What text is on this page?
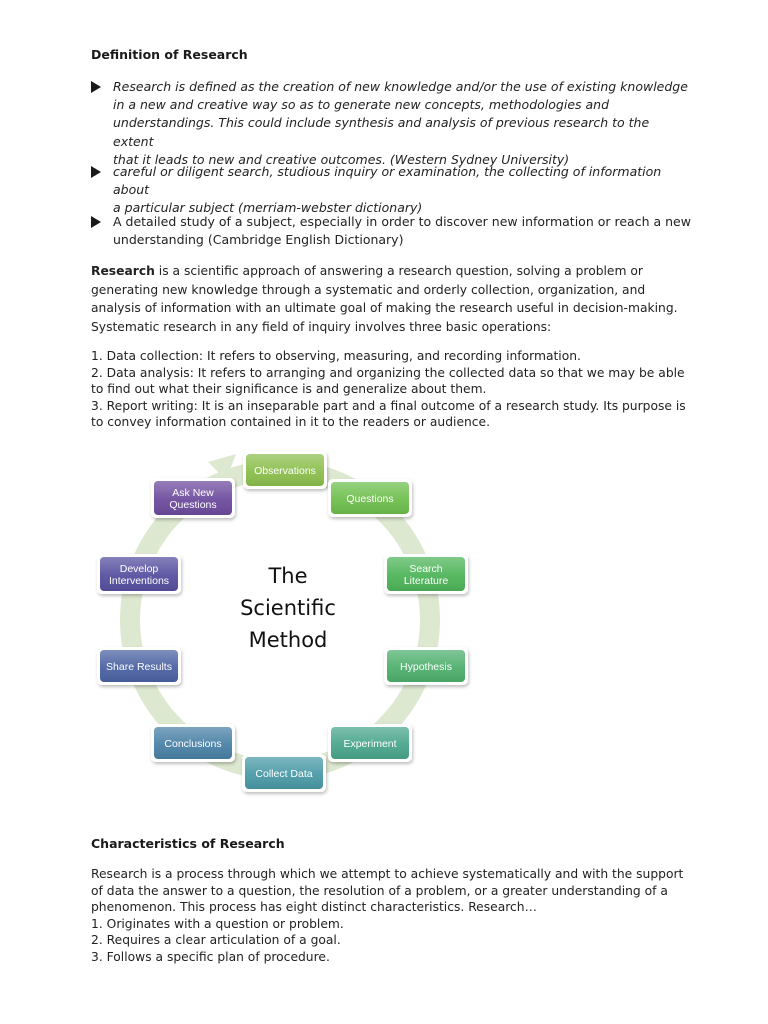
Definition of Research
Research is defined as the creation of new knowledge and/or the use of existing knowledge
in a new and creative way so as to generate new concepts, methodologies and
understandings. This could include synthesis and analysis of previous research to the extent
that it leads to new and creative outcomes. (Western Sydney University)
careful or diligent search, studious inquiry or examination, the collecting of information about
a particular subject (merriam-webster dictionary)
A detailed study of a subject, especially in order to discover new information or reach a new
understanding (Cambridge English Dictionary)
Research is a scientific approach of answering a research question, solving a problem or
generating new knowledge through a systematic and orderly collection, organization, and
analysis of information with an ultimate goal of making the research useful in decision-making.
Systematic research in any field of inquiry involves three basic operations:
1. Data collection: It refers to observing, measuring, and recording information.
2. Data analysis: It refers to arranging and organizing the collected data so that we may be able
to find out what their significance is and generalize about them.
3. Report writing: It is an inseparable part and a final outcome of a research study. Its purpose is
to convey information contained in it to the readers or audience.
Observations
Questions
Search
Literature
Hypothesis
Experiment
Collect Data
Conclusions
Share Results
Develop
Interventions
Ask New
Questions
The
Scientific
Method
Characteristics of Research
Research is a process through which we attempt to achieve systematically and with the support
of data the answer to a question, the resolution of a problem, or a greater understanding of a
phenomenon. This process has eight distinct characteristics. Research…
1. Originates with a question or problem.
2. Requires a clear articulation of a goal.
3. Follows a specific plan of procedure.
